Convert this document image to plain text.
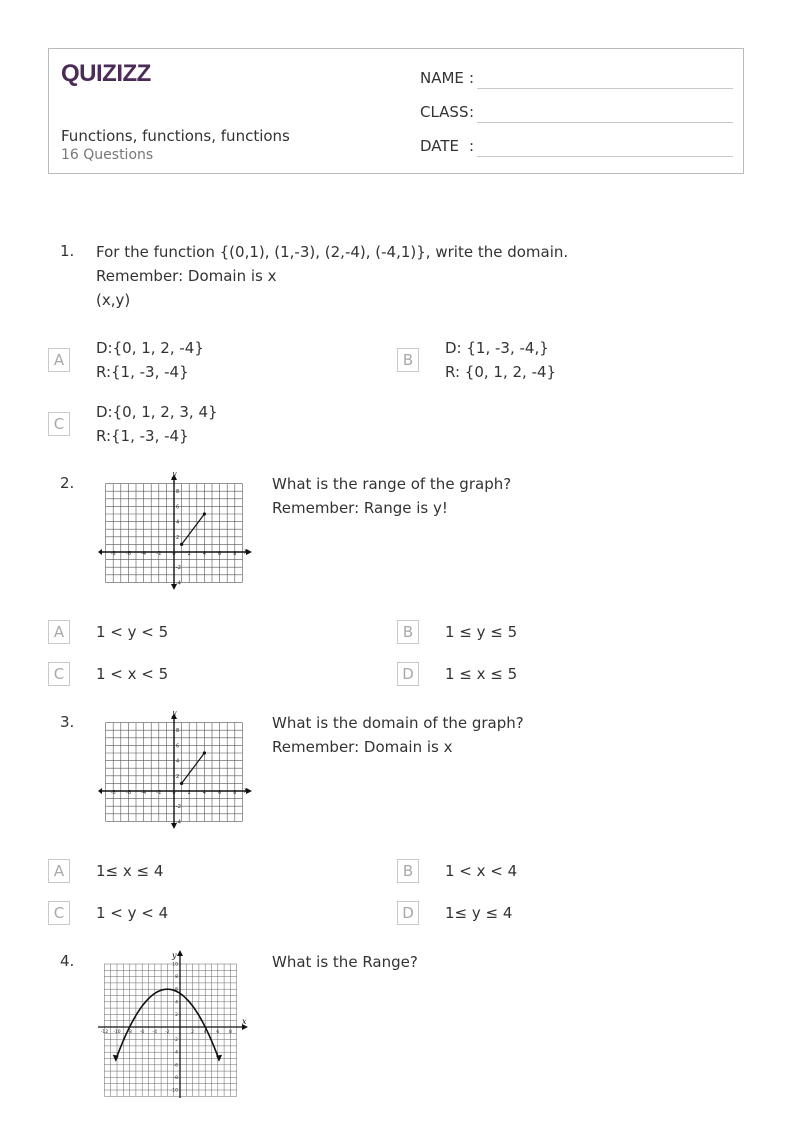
QUIZIZZ
Functions, functions, functions
16 Questions
NAME :
CLASS :
DATE :
1. For the function {(0,1), (1,-3), (2,-4), (-4,1)}, write the domain.
Remember: Domain is x
(x,y)
A
D:{0, 1, 2, -4}
R:{1, -3, -4}
B
D: {1, -3, -4,}
R: {0, 1, 2, -4}
C
D:{0, 1, 2, 3, 4}
R:{1, -3, -4}
2.
x
y
-8 -6 -4 -2 0 2 4 6 8
8
6
4
2
-2
-4
What is the range of the graph?
Remember: Range is y!
A	1 < y < 5	B	1 ≤ y ≤ 5
C	1 < x < 5	D	1 ≤ x ≤ 5
3.
x
y
-8 -6 -4 -2 0 2 4 6 8
8
6
4
2
-2
-4
What is the domain of the graph?
Remember: Domain is x
A	1≤ x ≤ 4	B	1 < x < 4
C	1 < y < 4	D	1≤ y ≤ 4
4.
x
y
-12 -10 -8 -6 -4 -2	2 4 6 8
10
8
6
4
2
-2
-4
-6
-8
-10
What is the Range?
